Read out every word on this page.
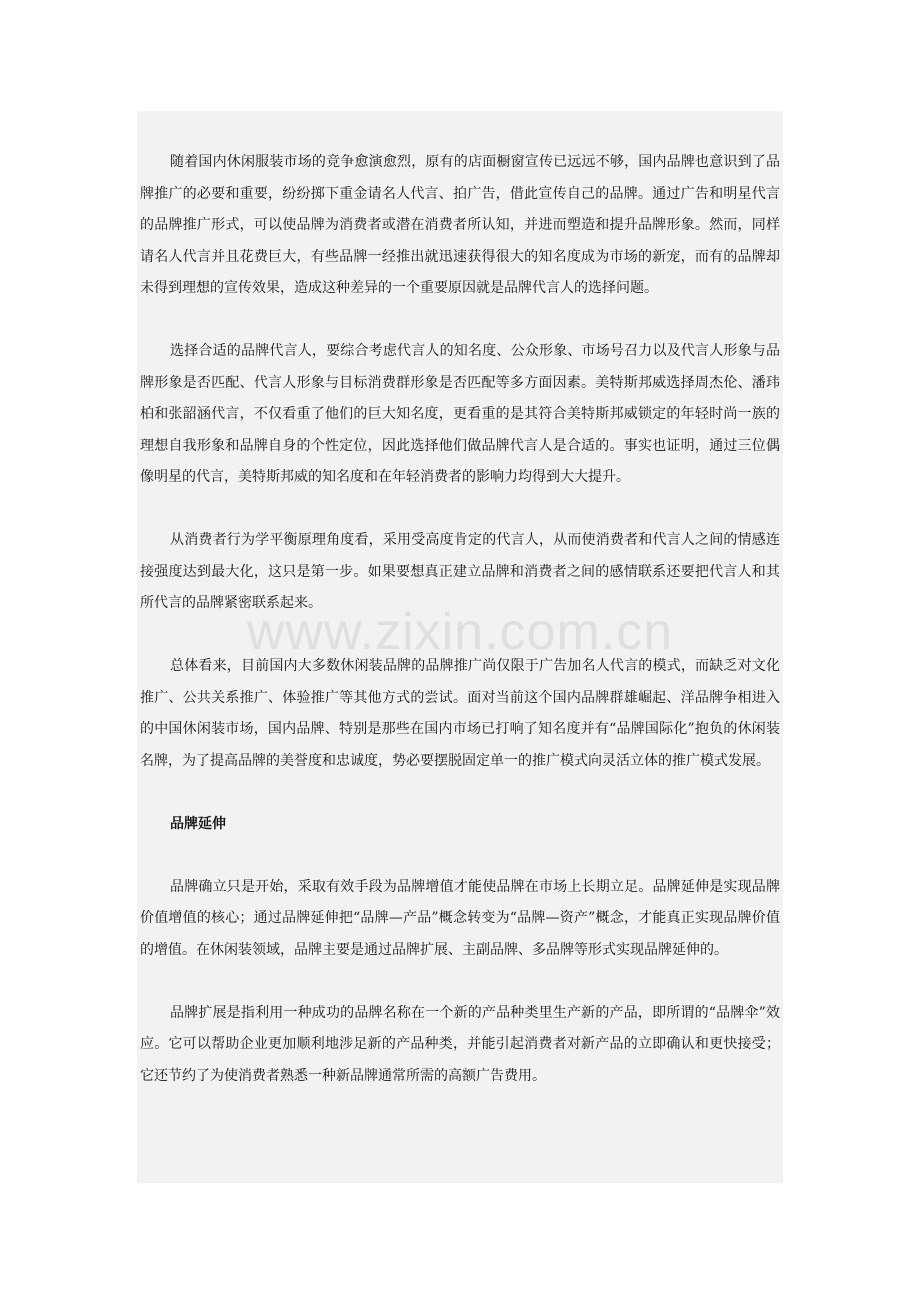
随着国内休闲服装市场的竞争愈演愈烈，原有的店面橱窗宣传已远远不够，国内品牌也意识到了品牌推广的必要和重要，纷纷掷下重金请名人代言、拍广告，借此宣传自己的品牌。通过广告和明星代言的品牌推广形式，可以使品牌为消费者或潜在消费者所认知，并进而塑造和提升品牌形象。然而，同样请名人代言并且花费巨大，有些品牌一经推出就迅速获得很大的知名度成为市场的新宠，而有的品牌却未得到理想的宣传效果，造成这种差异的一个重要原因就是品牌代言人的选择问题。

选择合适的品牌代言人，要综合考虑代言人的知名度、公众形象、市场号召力以及代言人形象与品牌形象是否匹配、代言人形象与目标消费群形象是否匹配等多方面因素。美特斯邦威选择周杰伦、潘玮柏和张韶涵代言，不仅看重了他们的巨大知名度，更看重的是其符合美特斯邦威锁定的年轻时尚一族的理想自我形象和品牌自身的个性定位，因此选择他们做品牌代言人是合适的。事实也证明，通过三位偶像明星的代言，美特斯邦威的知名度和在年轻消费者的影响力均得到大大提升。

从消费者行为学平衡原理角度看，采用受高度肯定的代言人，从而使消费者和代言人之间的情感连接强度达到最大化，这只是第一步。如果要想真正建立品牌和消费者之间的感情联系还要把代言人和其所代言的品牌紧密联系起来。

总体看来，目前国内大多数休闲装品牌的品牌推广尚仅限于广告加名人代言的模式，而缺乏对文化推广、公共关系推广、体验推广等其他方式的尝试。面对当前这个国内品牌群雄崛起、洋品牌争相进入的中国休闲装市场，国内品牌、特别是那些在国内市场已打响了知名度并有“品牌国际化”抱负的休闲装名牌，为了提高品牌的美誉度和忠诚度，势必要摆脱固定单一的推广模式向灵活立体的推广模式发展。

品牌延伸

品牌确立只是开始，采取有效手段为品牌增值才能使品牌在市场上长期立足。品牌延伸是实现品牌价值增值的核心；通过品牌延伸把“品牌—产品”概念转变为“品牌—资产”概念，才能真正实现品牌价值的增值。在休闲装领域，品牌主要是通过品牌扩展、主副品牌、多品牌等形式实现品牌延伸的。

品牌扩展是指利用一种成功的品牌名称在一个新的产品种类里生产新的产品，即所谓的“品牌伞”效应。它可以帮助企业更加顺利地涉足新的产品种类，并能引起消费者对新产品的立即确认和更快接受；它还节约了为使消费者熟悉一种新品牌通常所需的高额广告费用。

www.zixin.com.cn
